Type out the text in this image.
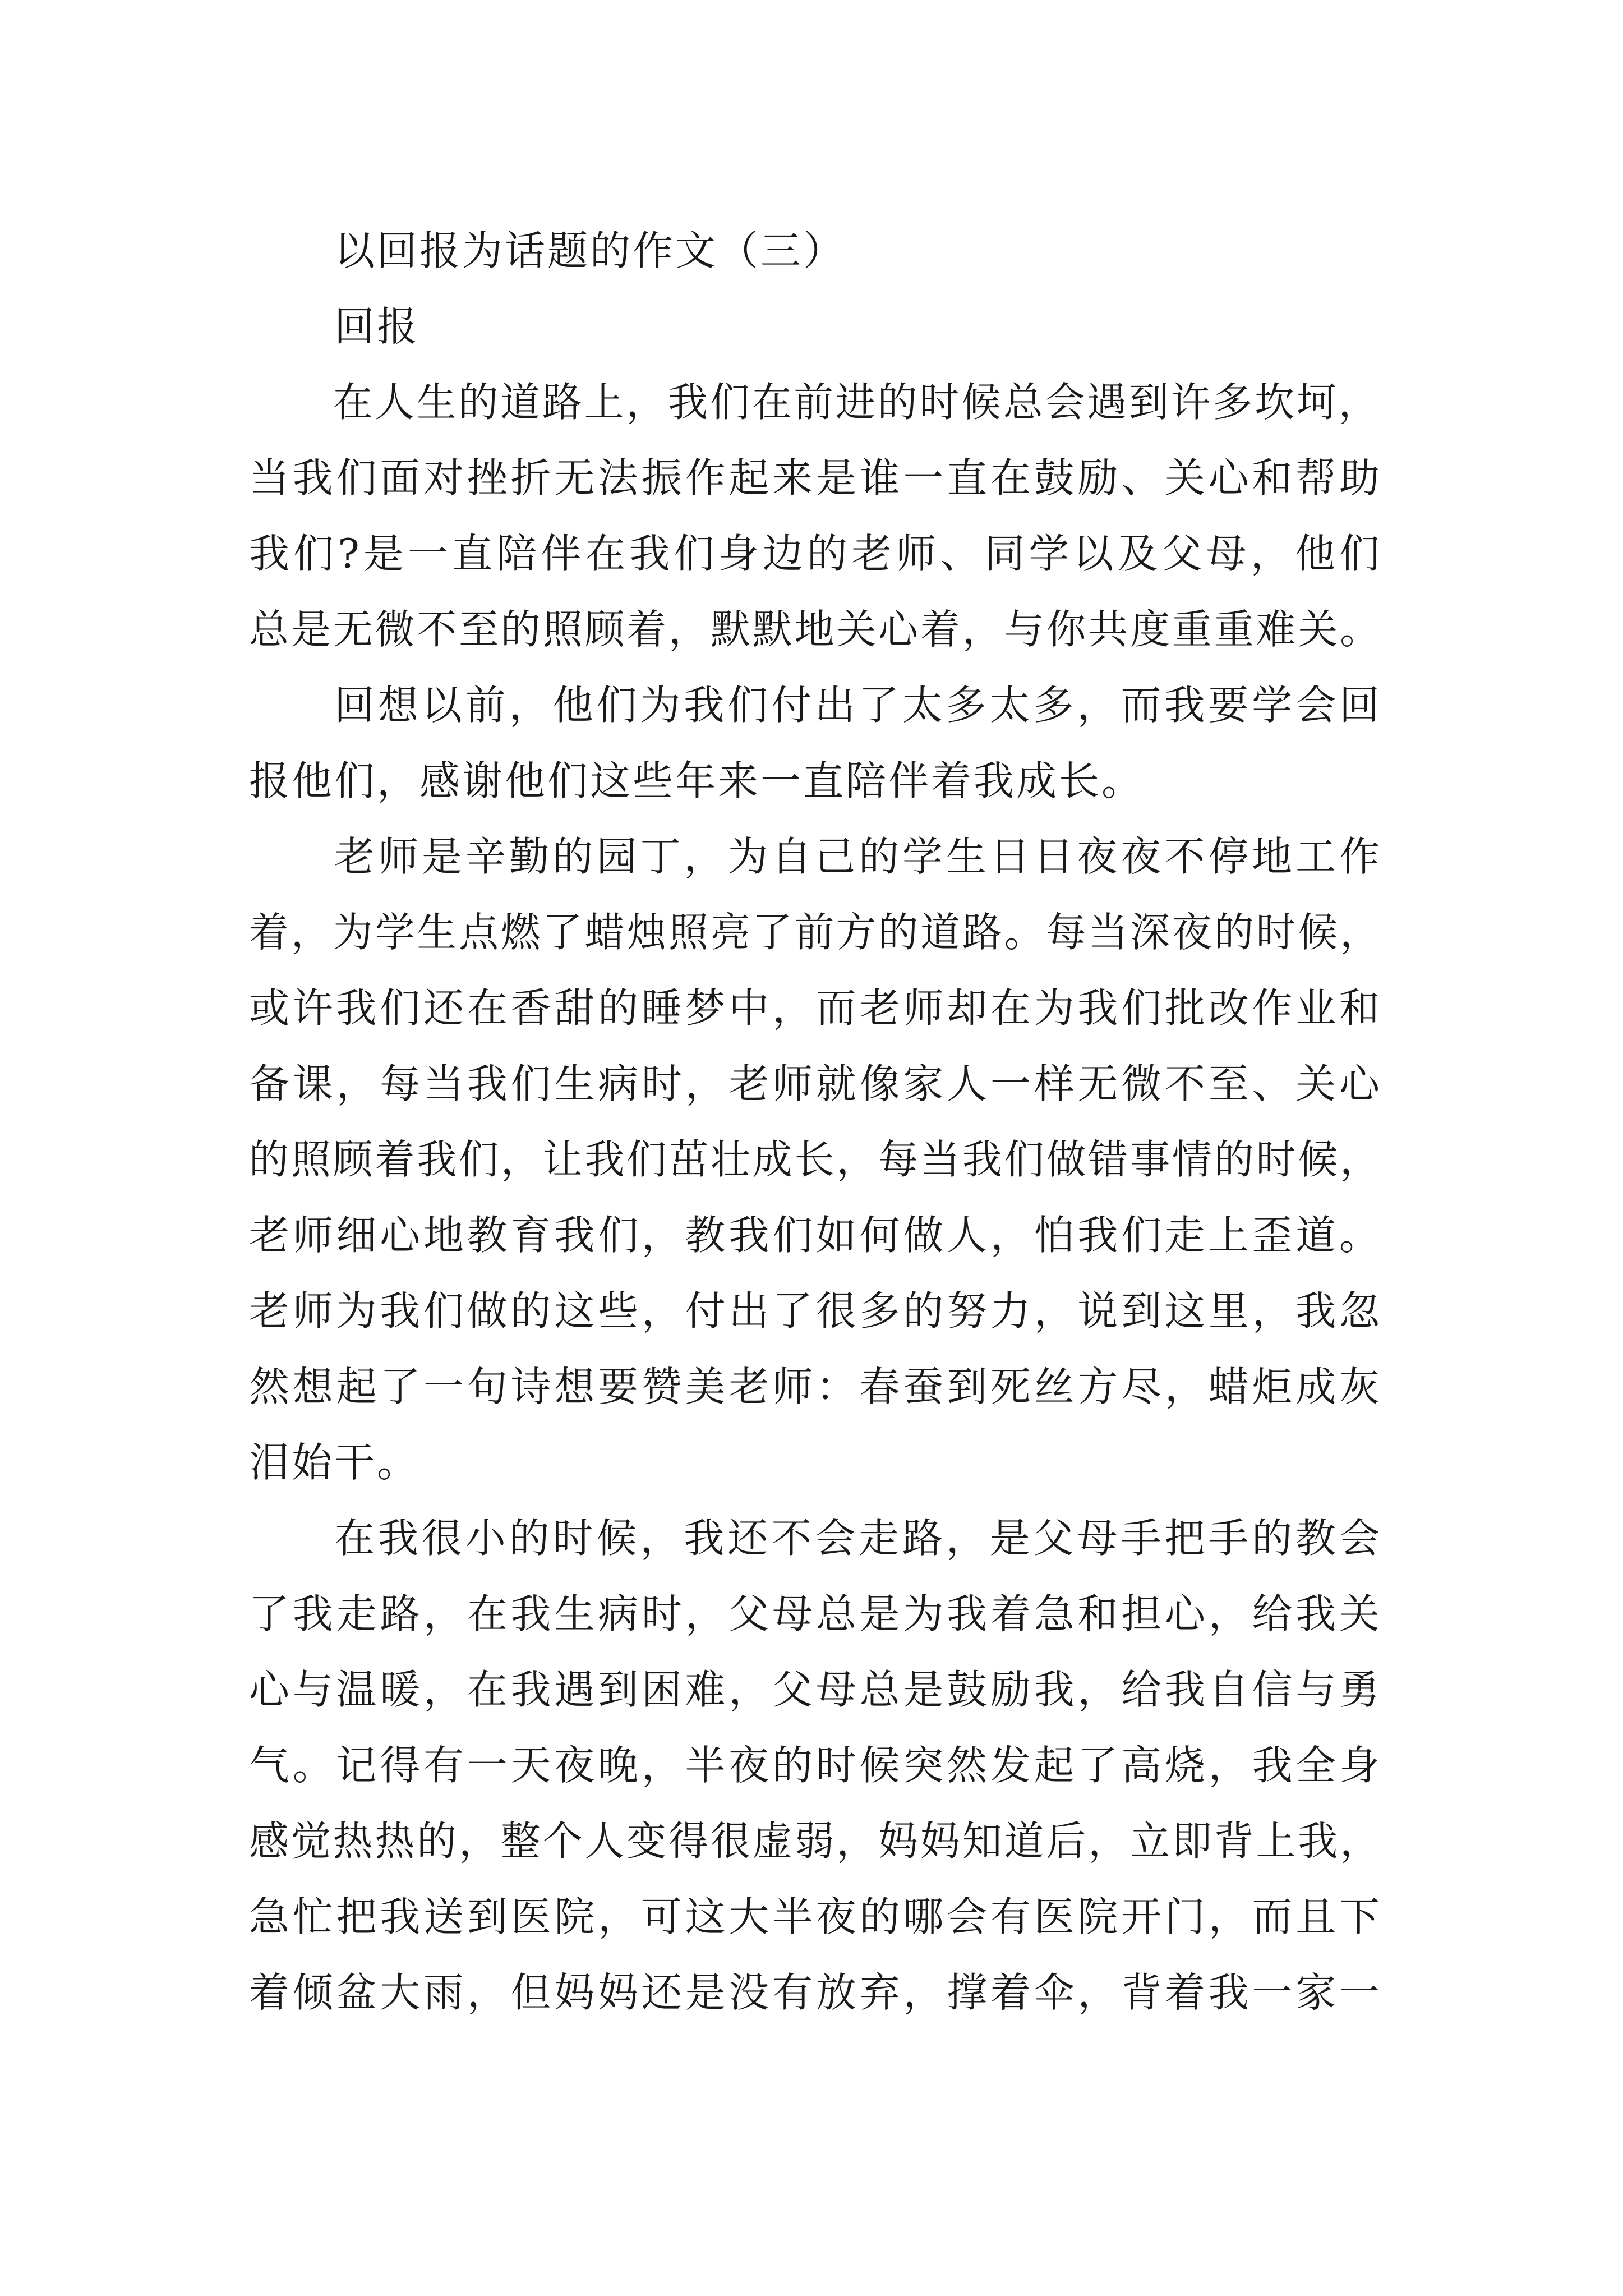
以回报为话题的作文（三）
回报
在人生的道路上，我们在前进的时候总会遇到许多坎坷，
当我们面对挫折无法振作起来是谁一直在鼓励、关心和帮助
我们?是一直陪伴在我们身边的老师、同学以及父母，他们
总是无微不至的照顾着，默默地关心着，与你共度重重难关。
回想以前，他们为我们付出了太多太多，而我要学会回
报他们，感谢他们这些年来一直陪伴着我成长。
老师是辛勤的园丁，为自己的学生日日夜夜不停地工作
着，为学生点燃了蜡烛照亮了前方的道路。每当深夜的时候，
或许我们还在香甜的睡梦中，而老师却在为我们批改作业和
备课，每当我们生病时，老师就像家人一样无微不至、关心
的照顾着我们，让我们茁壮成长，每当我们做错事情的时候，
老师细心地教育我们，教我们如何做人，怕我们走上歪道。
老师为我们做的这些，付出了很多的努力，说到这里，我忽
然想起了一句诗想要赞美老师：春蚕到死丝方尽，蜡炬成灰
泪始干。
在我很小的时候，我还不会走路，是父母手把手的教会
了我走路，在我生病时，父母总是为我着急和担心，给我关
心与温暖，在我遇到困难，父母总是鼓励我，给我自信与勇
气。记得有一天夜晚，半夜的时候突然发起了高烧，我全身
感觉热热的，整个人变得很虚弱，妈妈知道后，立即背上我，
急忙把我送到医院，可这大半夜的哪会有医院开门，而且下
着倾盆大雨，但妈妈还是没有放弃，撑着伞，背着我一家一
